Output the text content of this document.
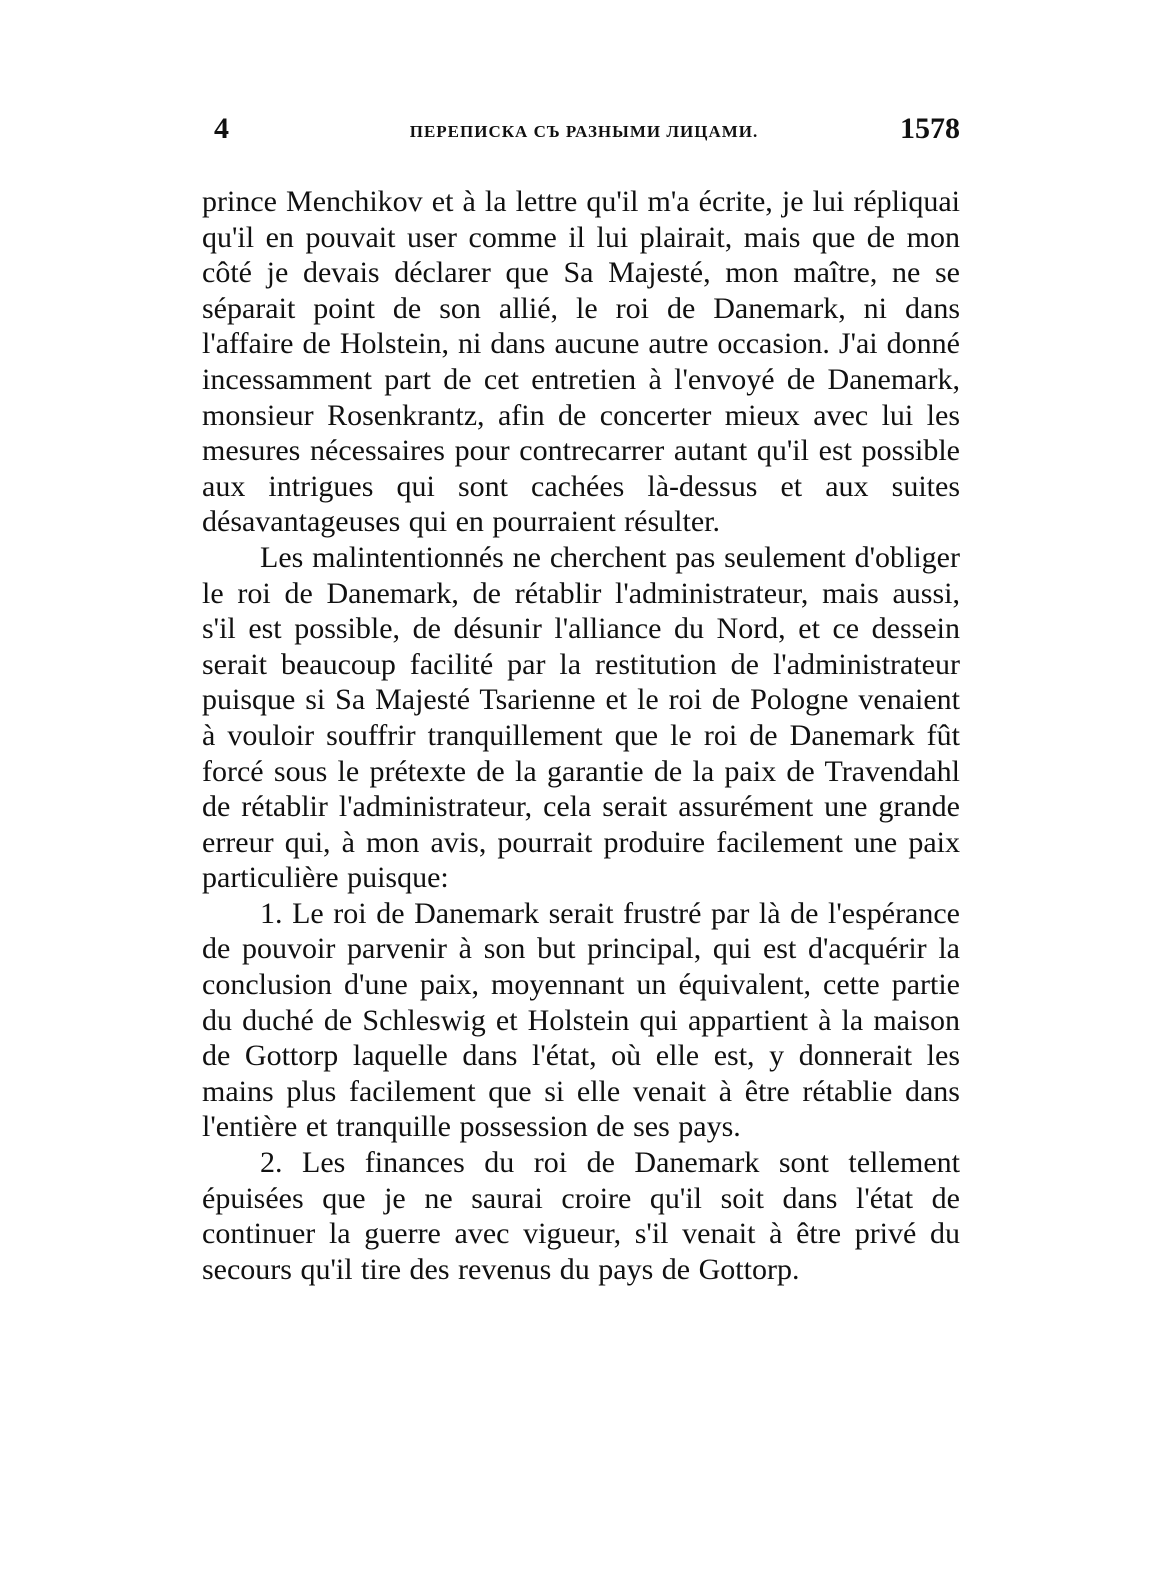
4	ПЕРЕПИСКА СЪ РАЗНЫМИ ЛИЦАМИ.	1578

prince Menchikov et à la lettre qu'il m'a écrite, je lui répliquai qu'il en pouvait user comme il lui plairait, mais que de mon côté je devais déclarer que Sa Majesté, mon maître, ne se séparait point de son allié, le roi de Danemark, ni dans l'affaire de Holstein, ni dans aucune autre occasion. J'ai donné incessamment part de cet entretien à l'envoyé de Danemark, monsieur Rosenkrantz, afin de concerter mieux avec lui les mesures nécessaires pour contrecarrer autant qu'il est possible aux intrigues qui sont cachées là-dessus et aux suites désavantageuses qui en pourraient résulter.

Les malintentionnés ne cherchent pas seulement d'obliger le roi de Danemark, de rétablir l'administrateur, mais aussi, s'il est possible, de désunir l'alliance du Nord, et ce dessein serait beaucoup facilité par la restitution de l'administrateur puisque si Sa Majesté Tsarienne et le roi de Pologne venaient à vouloir souffrir tranquillement que le roi de Danemark fût forcé sous le prétexte de la garantie de la paix de Travendahl de rétablir l'administrateur, cela serait assurément une grande erreur qui, à mon avis, pourrait produire facilement une paix particulière puisque:

1. Le roi de Danemark serait frustré par là de l'espérance de pouvoir parvenir à son but principal, qui est d'acquérir la conclusion d'une paix, moyennant un équivalent, cette partie du duché de Schleswig et Holstein qui appartient à la maison de Gottorp laquelle dans l'état, où elle est, y donnerait les mains plus facilement que si elle venait à être rétablie dans l'entière et tranquille possession de ses pays.

2. Les finances du roi de Danemark sont tellement épuisées que je ne saurai croire qu'il soit dans l'état de continuer la guerre avec vigueur, s'il venait à être privé du secours qu'il tire des revenus du pays de Gottorp.
